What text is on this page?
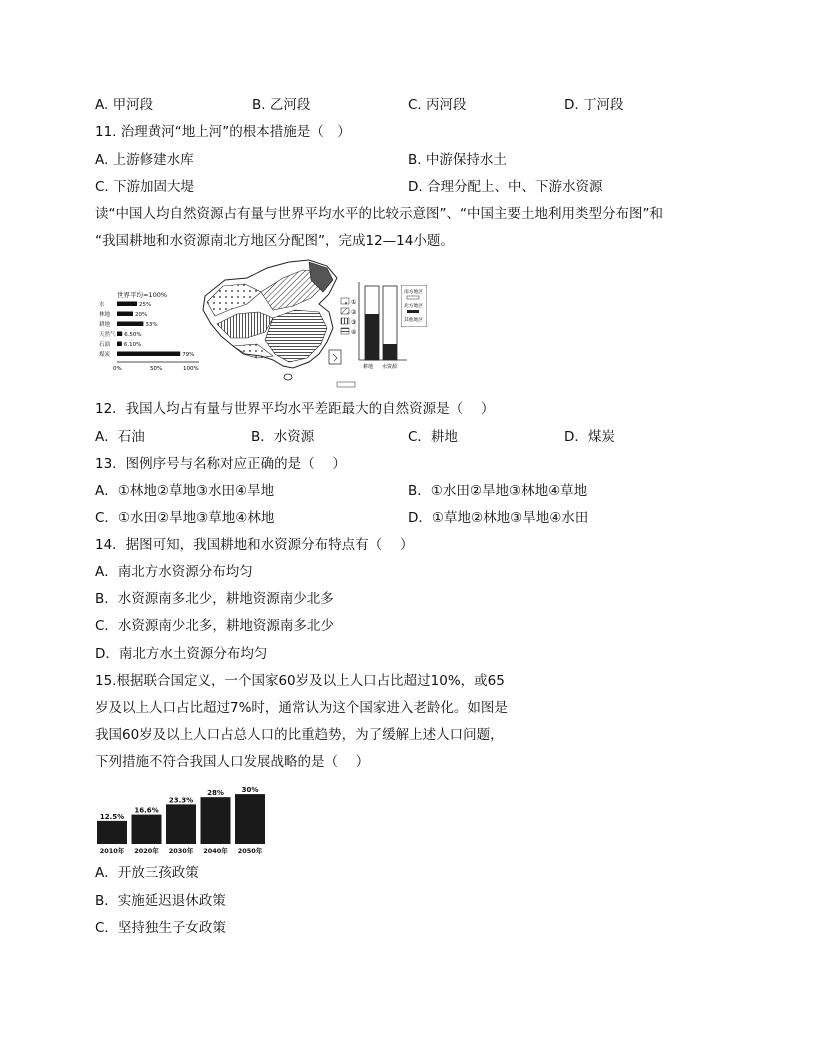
A. 甲河段	B. 乙河段	C. 丙河段	D. 丁河段
11. 治理黄河“地上河”的根本措施是（　）
A. 上游修建水库	B. 中游保持水土
C. 下游加固大堤	D. 合理分配上、中、下游水资源
读“中国人均自然资源占有量与世界平均水平的比较示意图”、“中国主要土地利用类型分布图”和
“我国耕地和水资源南北方地区分配图”，完成12—14小题。
世界平均=100%
水	25%
林地	20%
耕地	33%
天然气 6.50%
石油	6.10%
煤炭	79%
0%	50%	100%
①
②
③
④
耕地 水资源
南方地区
北方地区
其他地区
12．我国人均占有量与世界平均水平差距最大的自然资源是（　 ）
A．石油	B．水资源	C．耕地	D．煤炭
13．图例序号与名称对应正确的是（　 ）
A．①林地②草地③水田④旱地	B．①水田②旱地③林地④草地
C．①水田②旱地③草地④林地	D．①草地②林地③旱地④水田
14．据图可知，我国耕地和水资源分布特点有（　 ）
A．南北方水资源分布均匀
B．水资源南多北少，耕地资源南少北多
C．水资源南少北多，耕地资源南多北少
D．南北方水土资源分布均匀
15.根据联合国定义，一个国家60岁及以上人口占比超过10%，或65
岁及以上人口占比超过7%时，通常认为这个国家进入老龄化。如图是
我国60岁及以上人口占总人口的比重趋势，为了缓解上述人口问题，
下列措施不符合我国人口发展战略的是（　 ）
12.5%
2010年
16.6%
2020年
23.3%
2030年
28%
2040年
30%
2050年
A．开放三孩政策
B．实施延迟退休政策
C．坚持独生子女政策
